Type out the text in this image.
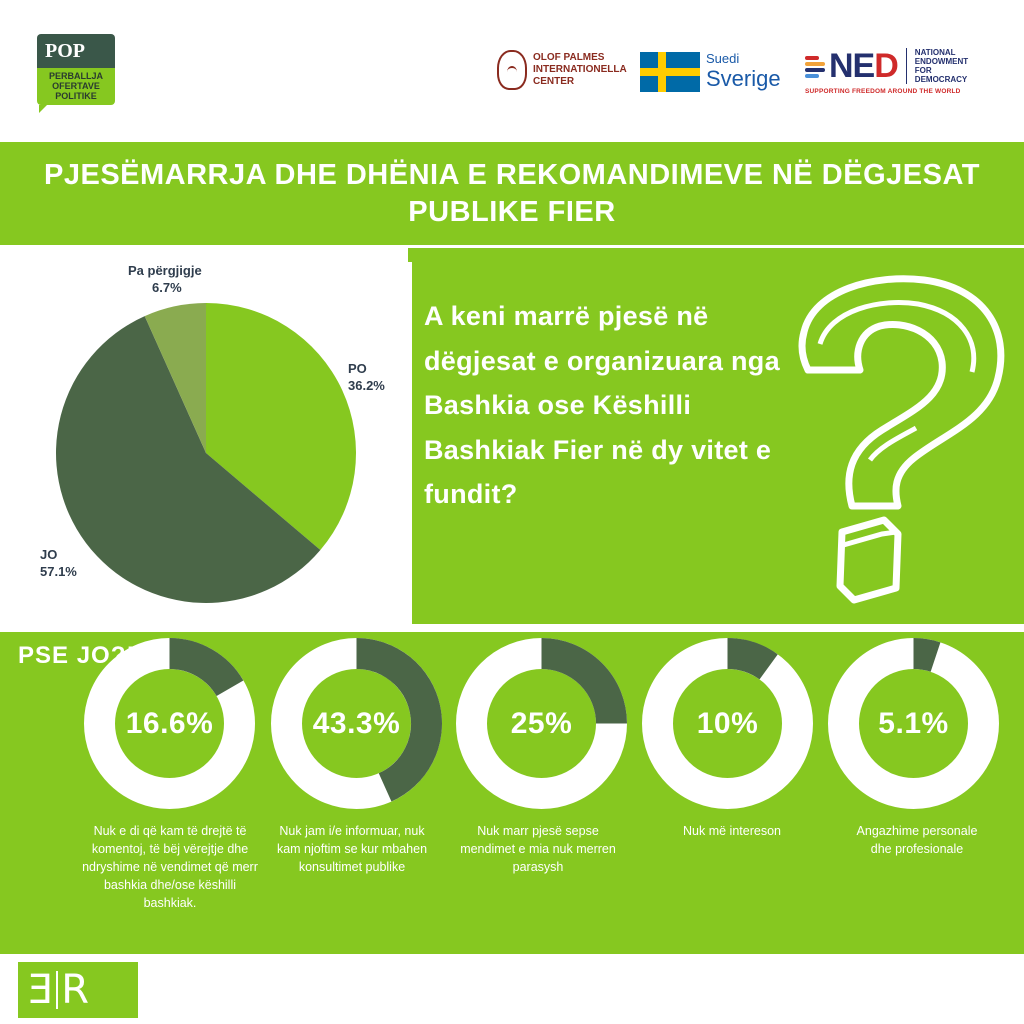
POP
PERBALLJA
OFERTAVE
POLITIKE
OLOF PALMES
INTERNATIONELLA
CENTER
Suedi
Sverige NED NATIONAL
ENDOWMENT
FOR
DEMOCRACY
SUPPORTING FREEDOM AROUND THE WORLD
PJESËMARRJA DHE DHËNIA E REKOMANDIMEVE NË DËGJESAT PUBLIKE FIER
Pa përgjigje
6.7%
PO
36.2%
JO
57.1%
A keni marrë pjesë në dëgjesat e organizuara nga Bashkia ose Këshilli Bashkiak Fier në dy vitet e fundit?
PSE JO?!
16.6%
Nuk e di që kam të drejtë të komentoj, të bëj vërejtje dhe ndryshime në vendimet që merr bashkia dhe/ose këshilli bashkiak.
43.3%
Nuk jam i/e informuar, nuk kam njoftim se kur mbahen konsultimet publike
25%
Nuk marr pjesë sepse mendimet e mia nuk merren parasysh
10%
Nuk më intereson
5.1%
Angazhime personale dhe profesionale
E R
